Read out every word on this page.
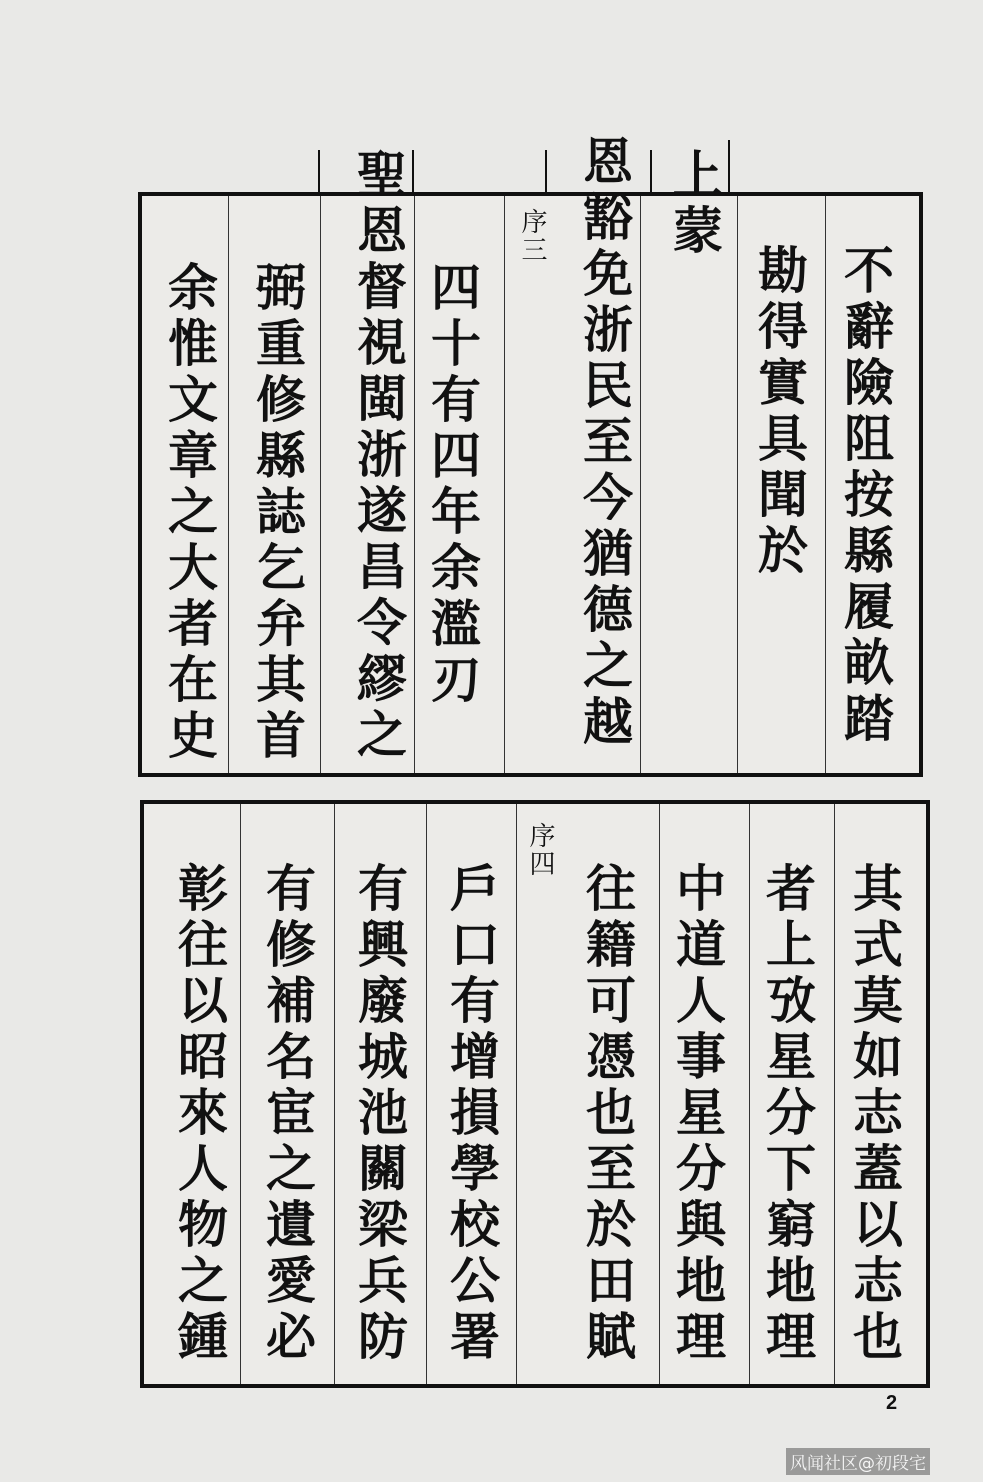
序三
不辭險阻按縣履畝踏
勘得實具聞於
四十有四年余濫刃
弼重修縣誌乞弁其首
余惟文章之大者在史
上蒙
恩豁免浙民至今猶德之越
聖恩督視閩浙遂昌令繆之
序四
其式莫如志蓋以志也
者上攷星分下窮地理
中道人事星分與地理
往籍可憑也至於田賦
戶口有增損學校公署
有興廢城池關梁兵防
有修補名宦之遺愛必
彰往以昭來人物之鍾
2
风闻社区@初段宅
